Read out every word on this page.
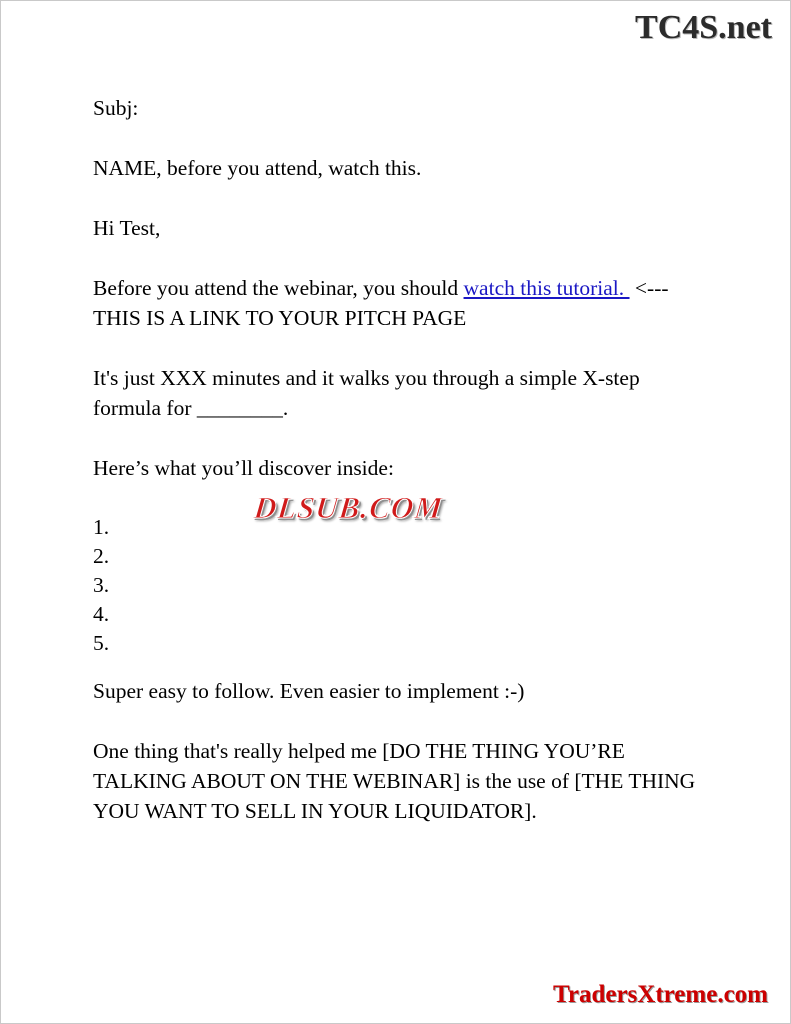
TC4S.net

Subj:

NAME, before you attend, watch this.

Hi Test,

Before you attend the webinar, you should watch this tutorial.  <--- THIS IS A LINK TO YOUR PITCH PAGE

It's just XXX minutes and it walks you through a simple X-step formula for ________.

Here’s what you’ll discover inside:

1.
2.
3.
4.
5.

Super easy to follow. Even easier to implement :-)

One thing that's really helped me [DO THE THING YOU’RE TALKING ABOUT ON THE WEBINAR] is the use of [THE THING YOU WANT TO SELL IN YOUR LIQUIDATOR].

DLSUB.COM
TradersXtreme.com
